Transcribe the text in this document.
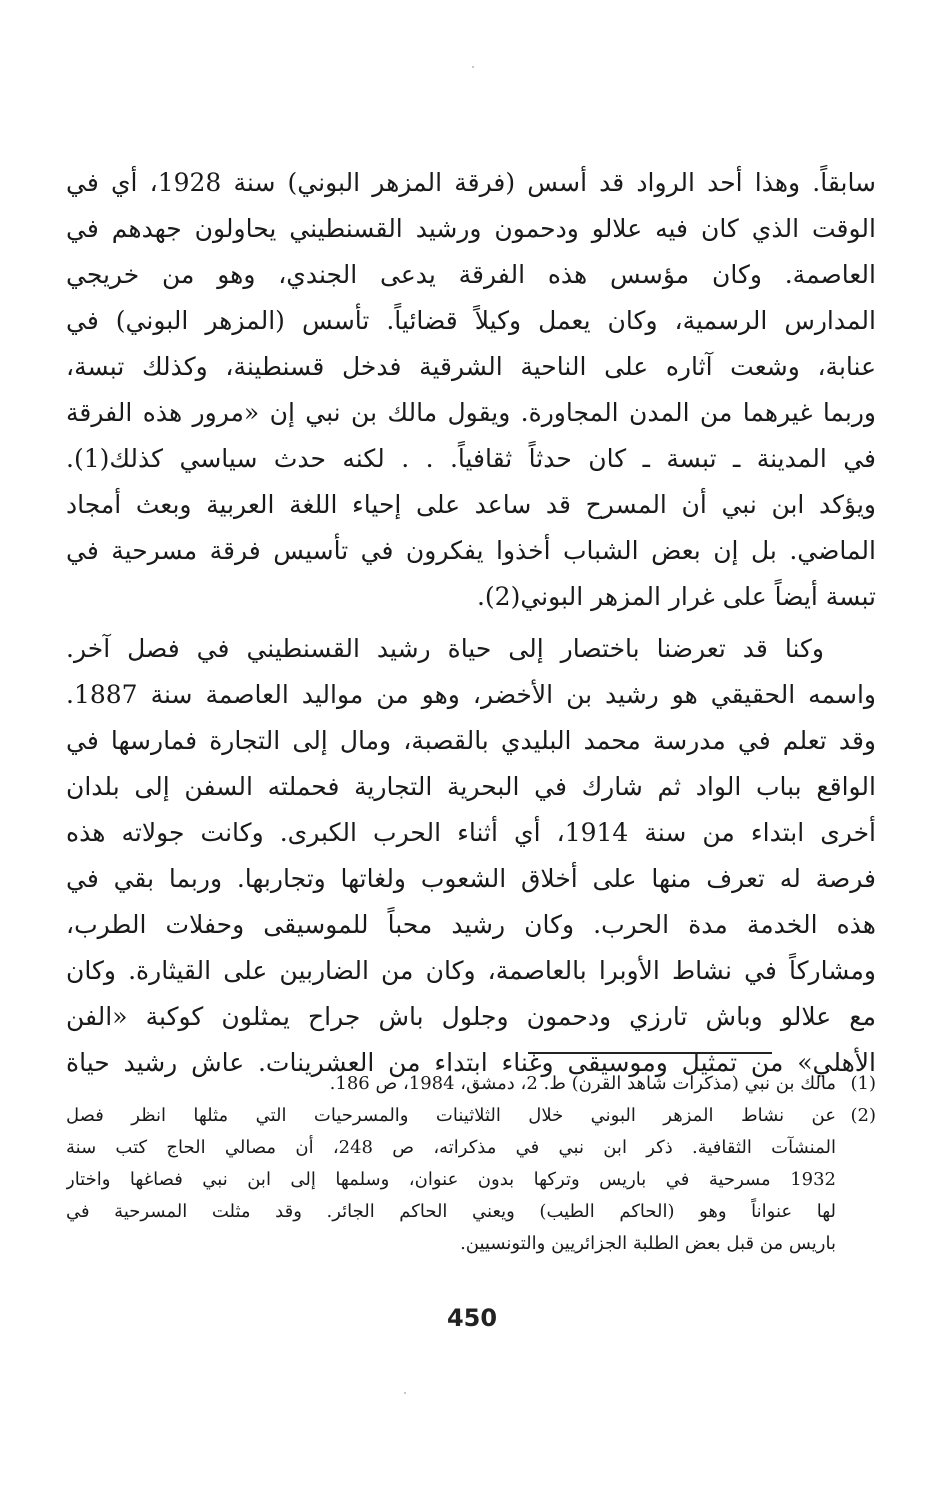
سابقاً. وهذا أحد الرواد قد أسس (فرقة المزهر البوني) سنة 1928، أي في
الوقت الذي كان فيه علالو ودحمون ورشيد القسنطيني يحاولون جهدهم في
العاصمة. وكان مؤسس هذه الفرقة يدعى الجندي، وهو من خريجي
المدارس الرسمية، وكان يعمل وكيلاً قضائياً. تأسس (المزهر البوني) في
عنابة، وشعت آثاره على الناحية الشرقية فدخل قسنطينة، وكذلك تبسة،
وربما غيرهما من المدن المجاورة. ويقول مالك بن نبي إن «مرور هذه الفرقة
في المدينة ـ تبسة ـ كان حدثاً ثقافياً. . . لكنه حدث سياسي كذلك(1).
ويؤكد ابن نبي أن المسرح قد ساعد على إحياء اللغة العربية وبعث أمجاد
الماضي. بل إن بعض الشباب أخذوا يفكرون في تأسيس فرقة مسرحية في
تبسة أيضاً على غرار المزهر البوني(2).
وكنا قد تعرضنا باختصار إلى حياة رشيد القسنطيني في فصل آخر.
واسمه الحقيقي هو رشيد بن الأخضر، وهو من مواليد العاصمة سنة 1887.
وقد تعلم في مدرسة محمد البليدي بالقصبة، ومال إلى التجارة فمارسها في
الواقع بباب الواد ثم شارك في البحرية التجارية فحملته السفن إلى بلدان
أخرى ابتداء من سنة 1914، أي أثناء الحرب الكبرى. وكانت جولاته هذه
فرصة له تعرف منها على أخلاق الشعوب ولغاتها وتجاربها. وربما بقي في
هذه الخدمة مدة الحرب. وكان رشيد محباً للموسيقى وحفلات الطرب،
ومشاركاً في نشاط الأوبرا بالعاصمة، وكان من الضاربين على القيثارة. وكان
مع علالو وباش تارزي ودحمون وجلول باش جراح يمثلون كوكبة «الفن
الأهلي» من تمثيل وموسيقى وغناء ابتداء من العشرينات. عاش رشيد حياة
(1)
مالك بن نبي (مذكرات شاهد القرن) ط. 2، دمشق، 1984، ص 186.
(2)
عن نشاط المزهر البوني خلال الثلاثينات والمسرحيات التي مثلها انظر فصل
المنشآت الثقافية. ذكر ابن نبي في مذكراته، ص 248، أن مصالي الحاج كتب سنة
1932 مسرحية في باريس وتركها بدون عنوان، وسلمها إلى ابن نبي فصاغها واختار
لها عنواناً وهو (الحاكم الطيب) ويعني الحاكم الجائر. وقد مثلت المسرحية في
باريس من قبل بعض الطلبة الجزائريين والتونسيين.
450
